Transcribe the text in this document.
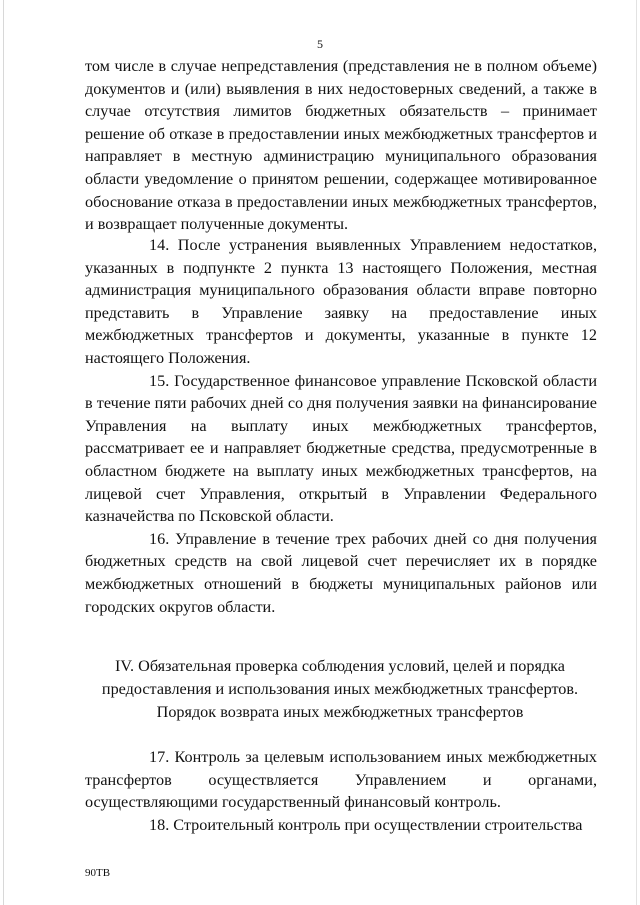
5

том числе в случае непредставления (представления не в полном объеме) документов и (или) выявления в них недостоверных сведений, а также в случае отсутствия лимитов бюджетных обязательств – принимает решение об отказе в предоставлении иных межбюджетных трансфертов и направляет в местную администрацию муниципального образования области уведомление о принятом решении, содержащее мотивированное обоснование отказа в предоставлении иных межбюджетных трансфертов, и возвращает полученные документы.

14. После устранения выявленных Управлением недостатков, указанных в подпункте 2 пункта 13 настоящего Положения, местная администрация муниципального образования области вправе повторно представить в Управление заявку на предоставление иных межбюджетных трансфертов и документы, указанные в пункте 12 настоящего Положения.

15. Государственное финансовое управление Псковской области в течение пяти рабочих дней со дня получения заявки на финансирование Управления на выплату иных межбюджетных трансфертов, рассматривает ее и направляет бюджетные средства, предусмотренные в областном бюджете на выплату иных межбюджетных трансфертов, на лицевой счет Управления, открытый в Управлении Федерального казначейства по Псковской области.

16. Управление в течение трех рабочих дней со дня получения бюджетных средств на свой лицевой счет перечисляет их в порядке межбюджетных отношений в бюджеты муниципальных районов или городских округов области.

IV. Обязательная проверка соблюдения условий, целей и порядка
предоставления и использования иных межбюджетных трансфертов.
Порядок возврата иных межбюджетных трансфертов

17. Контроль за целевым использованием иных межбюджетных трансфертов осуществляется Управлением и органами, осуществляющими государственный финансовый контроль.

18. Строительный контроль при осуществлении строительства

90ТВ
